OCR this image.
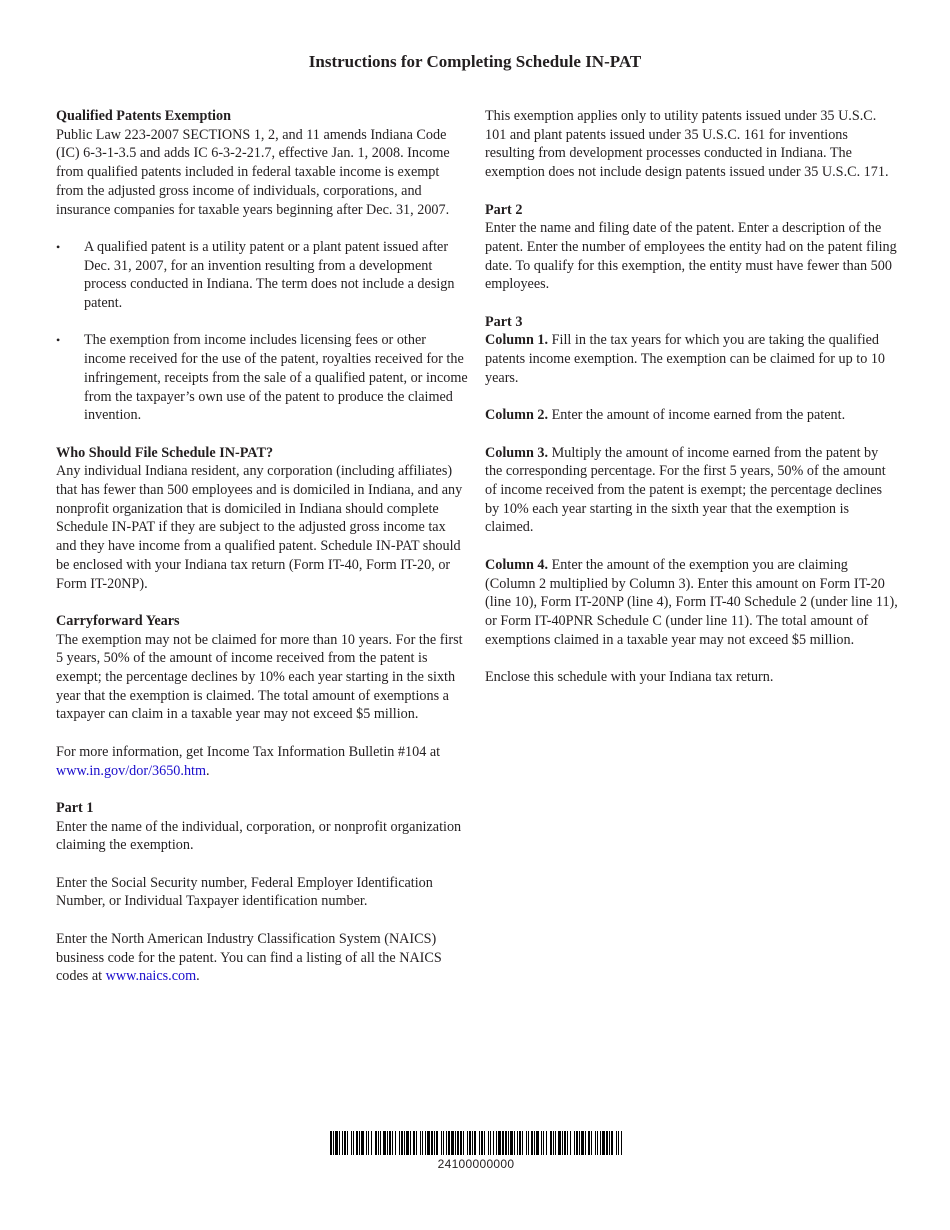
Instructions for Completing Schedule IN-PAT

Qualified Patents Exemption
Public Law 223-2007 SECTIONS 1, 2, and 11 amends Indiana Code (IC) 6-3-1-3.5 and adds IC 6-3-2-21.7, effective Jan. 1, 2008. Income from qualified patents included in federal taxable income is exempt from the adjusted gross income of individuals, corporations, and insurance companies for taxable years beginning after Dec. 31, 2007.

• A qualified patent is a utility patent or a plant patent issued after Dec. 31, 2007, for an invention resulting from a development process conducted in Indiana. The term does not include a design patent.
• The exemption from income includes licensing fees or other income received for the use of the patent, royalties received for the infringement, receipts from the sale of a qualified patent, or income from the taxpayer’s own use of the patent to produce the claimed invention.

Who Should File Schedule IN-PAT?
Any individual Indiana resident, any corporation (including affiliates) that has fewer than 500 employees and is domiciled in Indiana, and any nonprofit organization that is domiciled in Indiana should complete Schedule IN-PAT if they are subject to the adjusted gross income tax and they have income from a qualified patent. Schedule IN-PAT should be enclosed with your Indiana tax return (Form IT-40, Form IT-20, or Form IT-20NP).

Carryforward Years
The exemption may not be claimed for more than 10 years. For the first 5 years, 50% of the amount of income received from the patent is exempt; the percentage declines by 10% each year starting in the sixth year that the exemption is claimed. The total amount of exemptions a taxpayer can claim in a taxable year may not exceed $5 million.

For more information, get Income Tax Information Bulletin #104 at www.in.gov/dor/3650.htm.

Part 1
Enter the name of the individual, corporation, or nonprofit organization claiming the exemption.

Enter the Social Security number, Federal Employer Identification Number, or Individual Taxpayer identification number.

Enter the North American Industry Classification System (NAICS) business code for the patent. You can find a listing of all the NAICS codes at www.naics.com.

This exemption applies only to utility patents issued under 35 U.S.C. 101 and plant patents issued under 35 U.S.C. 161 for inventions resulting from development processes conducted in Indiana. The exemption does not include design patents issued under 35 U.S.C. 171.

Part 2
Enter the name and filing date of the patent. Enter a description of the patent. Enter the number of employees the entity had on the patent filing date. To qualify for this exemption, the entity must have fewer than 500 employees.

Part 3
Column 1. Fill in the tax years for which you are taking the qualified patents income exemption. The exemption can be claimed for up to 10 years.

Column 2. Enter the amount of income earned from the patent.

Column 3. Multiply the amount of income earned from the patent by the corresponding percentage. For the first 5 years, 50% of the amount of income received from the patent is exempt; the percentage declines by 10% each year starting in the sixth year that the exemption is claimed.

Column 4. Enter the amount of the exemption you are claiming (Column 2 multiplied by Column 3). Enter this amount on Form IT-20 (line 10), Form IT-20NP (line 4), Form IT-40 Schedule 2 (under line 11), or Form IT-40PNR Schedule C (under line 11). The total amount of exemptions claimed in a taxable year may not exceed $5 million.

Enclose this schedule with your Indiana tax return.

24100000000
